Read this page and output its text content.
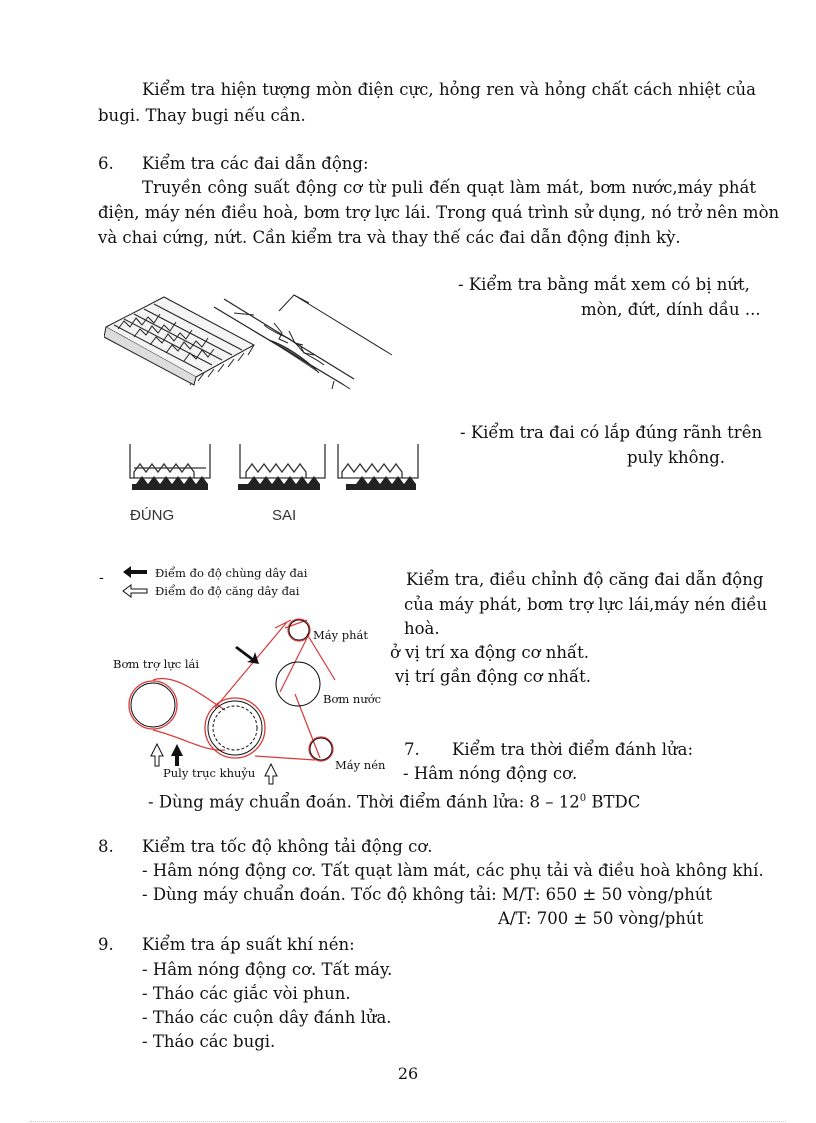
Kiểm tra hiện tượng mòn điện cực, hỏng ren và hỏng chất cách nhiệt của
bugi. Thay bugi nếu cần.
6. Kiểm tra các đai dẫn động:
Truyền công suất động cơ từ puli đến quạt làm mát, bơm nước,máy phát
điện, máy nén điều hoà, bơm trợ lực lái. Trong quá trình sử dụng, nó trở nên mòn
và chai cứng, nứt. Cần kiểm tra và thay thế các đai dẫn động định kỳ.
- Kiểm tra bằng mắt xem có bị nứt,
mòn, đứt, dính dầu ...
ĐÚNG	SAI
- Kiểm tra đai có lắp đúng rãnh trên
puly không.
-	Điểm đo độ chùng dây đai
Điểm đo độ căng dây đai
Bơm trợ lực lái
Máy phát
Bơm nước
Máy nén
Puly trục khuỷu
Kiểm tra, điều chỉnh độ căng đai dẫn động
của máy phát, bơm trợ lực lái,máy nén điều
hoà.
ở vị trí xa động cơ nhất.
vị trí gần động cơ nhất.
7. Kiểm tra thời điểm đánh lửa:
- Hâm nóng động cơ.
- Dùng máy chuẩn đoán. Thời điểm đánh lửa: $8 - 12^0$ BTDC
8. Kiểm tra tốc độ không tải động cơ.
- Hâm nóng động cơ. Tất quạt làm mát, các phụ tải và điều hoà không khí.
- Dùng máy chuẩn đoán. Tốc độ không tải: M/T: 650 ± 50 vòng/phút
A/T: 700 ± 50 vòng/phút
9. Kiểm tra áp suất khí nén:
- Hâm nóng động cơ. Tất máy.
- Tháo các giắc vòi phun.
- Tháo các cuộn dây đánh lửa.
- Tháo các bugi.
26
